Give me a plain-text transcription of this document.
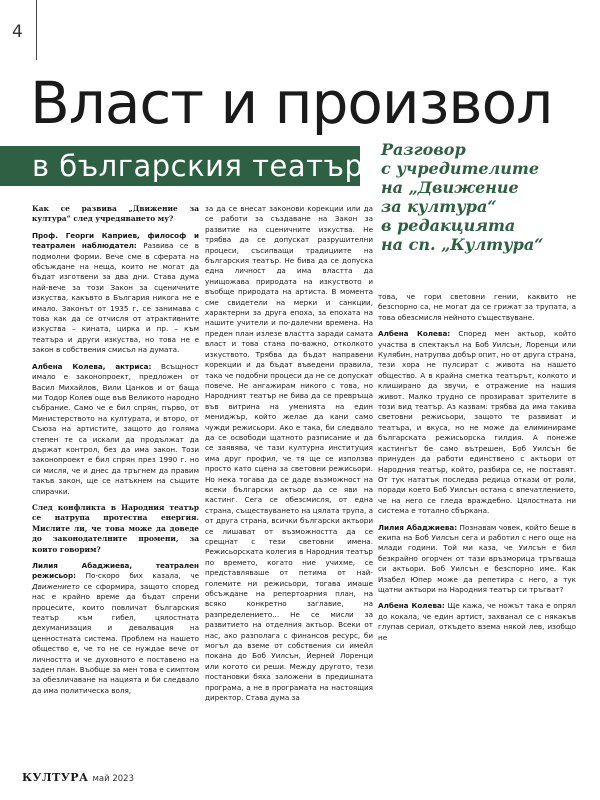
4
Власт и произвол
в българския театър Разговор
с учредителите
на „Движение
за култура“
в редакцията
на сп. „Култура“

Как се развива „Движение за култура“ след учредяването му?

Проф. Георги Каприев, философ и театрален наблюдател: Развива се в подмолни форми. Вече сме в сферата на обсъждане на неща, които не могат да бъдат изготвени за два дни. Става дума най-вече за този Закон за сценичните изкуства, какъвто в България никога не е имало. Законът от 1935 г. се занимава с това как да се отчисля от атрактивните изкуства – кината, цирка и пр. – към театъра и други изкуства, но това не е закон в собствения смисъл на думата.

Албена Колева, актриса: Всъщност имало е законопроект, предложен от Васил Михайлов, Вили Цанков и от баща ми Тодор Колев още във Великото народно събрание. Само че е бил спрян, първо, от Министерството на културата, и второ, от Съюза на артистите, защото до голяма степен те са искали да продължат да държат контрол, без да има закон. Този законопроект е бил спрян през 1990 г. но си мисля, че и днес да тръгнем да правим такъв закон, ще се натъкнем на същите спирачки.

След конфликта в Народния театър се натрупа протестна енергия. Мислите ли, че това може да доведе до законодателните промени, за които говорим?

Лилия Абаджиева, театрален режисьор: По-скоро бих казала, че Движението се сформира, защото според нас е крайно време да бъдат спрени процесите, които повличат българския театър към гибел, цялостната дехуманизация и девалвация на ценностната система. Проблем на нашето общество е, че то не се нуждае вече от личността и че духовното е поставено на заден план. Въобще за мен това е симптом за обезличаване на нацията и би следвало да има политическа воля,

за да се внесат законови корекции или да се работи за създаване на Закон за развитие на сценичните изкуства. Не трябва да се допускат разрушителни процеси, съсипващи традициите на българския театър. Не бива да се допуска една личност да има властта да унищожава природата на изкуството и въобще природата на артиста. В момента сме свидетели на мерки и санкции, характерни за друга епоха, за епохата на нашите учители и по-далечни времена. На преден план излезе властта заради самата власт и това стана по-важно, отколкото изкуството. Трябва да бъдат направени корекции и да бъдат въведени правила, така че подобни процеси да не се допускат повече. Не ангажирам никого с това, но Народният театър не бива да се превръща във витрина на уменията на един мениджър, който желае да кани само чужди режисьори. Ако е така, би следвало да се освободи щатното разписание и да се заявява, че тази културна институция има друг профил, че тя ще се използва просто като сцена за световни режисьори. Но нека тогава да се даде възможност на всеки български актьор да се яви на кастинг. Сега се обезсмисля, от една страна, съществуването на цялата трупа, а от друга страна, всички български актьори се лишават от възможността да се срещнат с тези световни имена. Режисьорската колегия в Народния театър по времето, когато ние учихме, се представляваше от петима от най-големите ни режисьори, тогава имаше обсъждане на репертоарния план, на всяко конкретно заглавие, на разпределението... Не се мисли за развитието на отделния актьор. Всеки от нас, ако разполага с финансов ресурс, би могъл да вземе от собствения си имейл покана до Боб Уилсън, Йерней Лоренци или когото си реши. Между другото, тези постановки бяха заложени в предишната програма, а не в програмата на настоящия директор. Става дума за

това, че гори световни гении, каквито не безспорно са, не могат да се грижат за трупата, а това обезсмисля нейното съществуване.

Албена Колева: Според мен актьор, който участва в спектакъл на Боб Уилсън, Лоренци или Кулябин, натрупва добър опит, но от друга страна, тези хора не пулсират с живота на нашето общество. А в крайна сметка театърът, колкото и клиширано да звучи, е отражение на нашия живот. Малко трудно се прозирават зрителите в този вид театър. Аз казвам: трябва да има такива световни режисьори, защото те развиват и театъра, и вкуса, но не може да елиминираме българската режисьорска гилдия. А понеже кастингът бе само вътрешен, Боб Уилсън бе принуден да работи единствено с актьори от Народния театър, който, разбира се, не поставят. От тук нататък последва редица откази от роли, поради което Боб Уилсън остана с впечатлението, че на него се гледа враждебно. Цялостната ни система е тотално сбъркана.

Лилия Абаджиева: Познавам човек, който беше в екипа на Боб Уилсън сега и работил с него още на млади години. Той ми каза, че Уилсън е бил безкрайно огорчен от тази връзморица тръгваща си актьори. Боб Уилсън е безспорно име. Как Изабел Юпер може да репетира с него, а тук щатни актьори на Народния театър си тръгват?

Албена Колева: Ще кажа, че ножът така е опрял до кокала, че един артист, захванал се с някакъв глупав сериал, откъдето взема някой лев, изобщо не

КУЛТУРА май 2023
